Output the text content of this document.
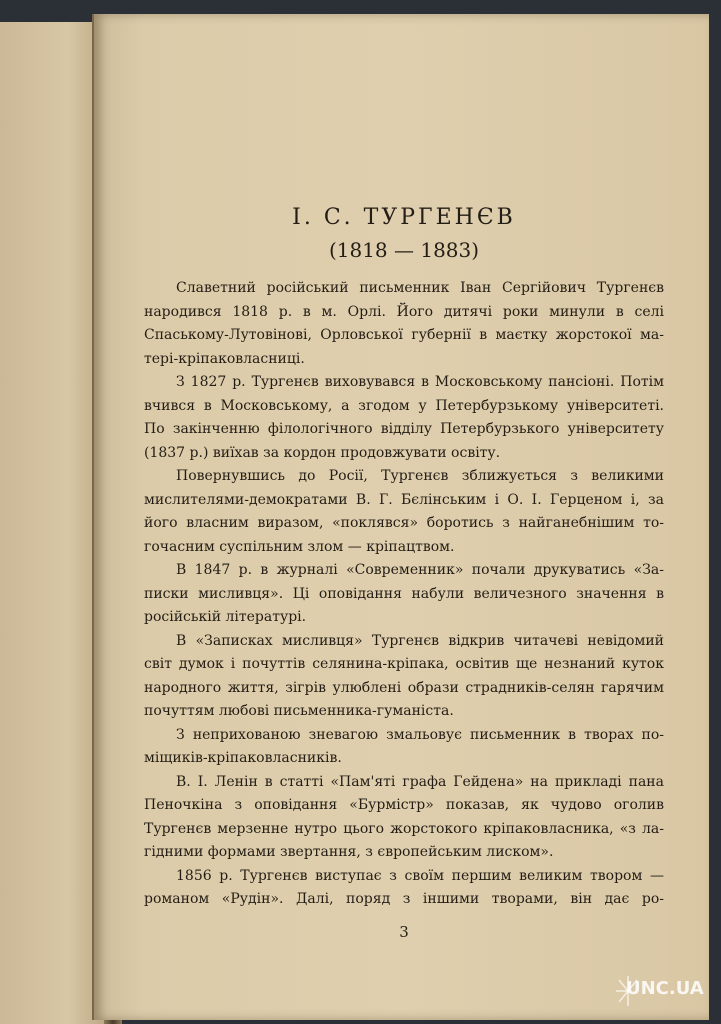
І. С. ТУРГЕНЄВ
(1818 — 1883)
Славетний російський письменник Іван Сергійович Тургенєв
народився 1818 р. в м. Орлі. Його дитячі роки минули в селі
Спаському-Лутовінові, Орловської губернії в маєтку жорстокої ма-
тері-кріпаковласниці.
З 1827 р. Тургенєв виховувався в Московському пансіоні. Потім
вчився в Московському, а згодом у Петербурзькому університеті.
По закінченню філологічного відділу Петербурзького університету
(1837 р.) виїхав за кордон продовжувати освіту.
Повернувшись до Росії, Тургенєв зближується з великими
мислителями-демократами В. Г. Бєлінським і О. І. Герценом і, за
його власним виразом, «поклявся» боротись з найганебнішим то-
гочасним суспільним злом — кріпацтвом.
В 1847 р. в журналі «Современник» почали друкуватись «За-
писки мисливця». Ці оповідання набули величезного значення в
російській літературі.
В «Записках мисливця» Тургенєв відкрив читачеві невідомий
світ думок і почуттів селянина-кріпака, освітив ще незнаний куток
народного життя, зігрів улюблені образи страдників-селян гарячим
почуттям любові письменника-гуманіста.
З неприхованою зневагою змальовує письменник в творах по-
міщиків-кріпаковласників.
В. І. Ленін в статті «Пам'яті графа Гейдена» на прикладі пана
Пеночкіна з оповідання «Бурмістр» показав, як чудово оголив
Тургенєв мерзенне нутро цього жорстокого кріпаковласника, «з ла-
гідними формами звертання, з європейським лиском».
1856 р. Тургенєв виступає з своїм першим великим твором —
романом «Рудін». Далі, поряд з іншими творами, він дає ро-
3
UNC.UA
